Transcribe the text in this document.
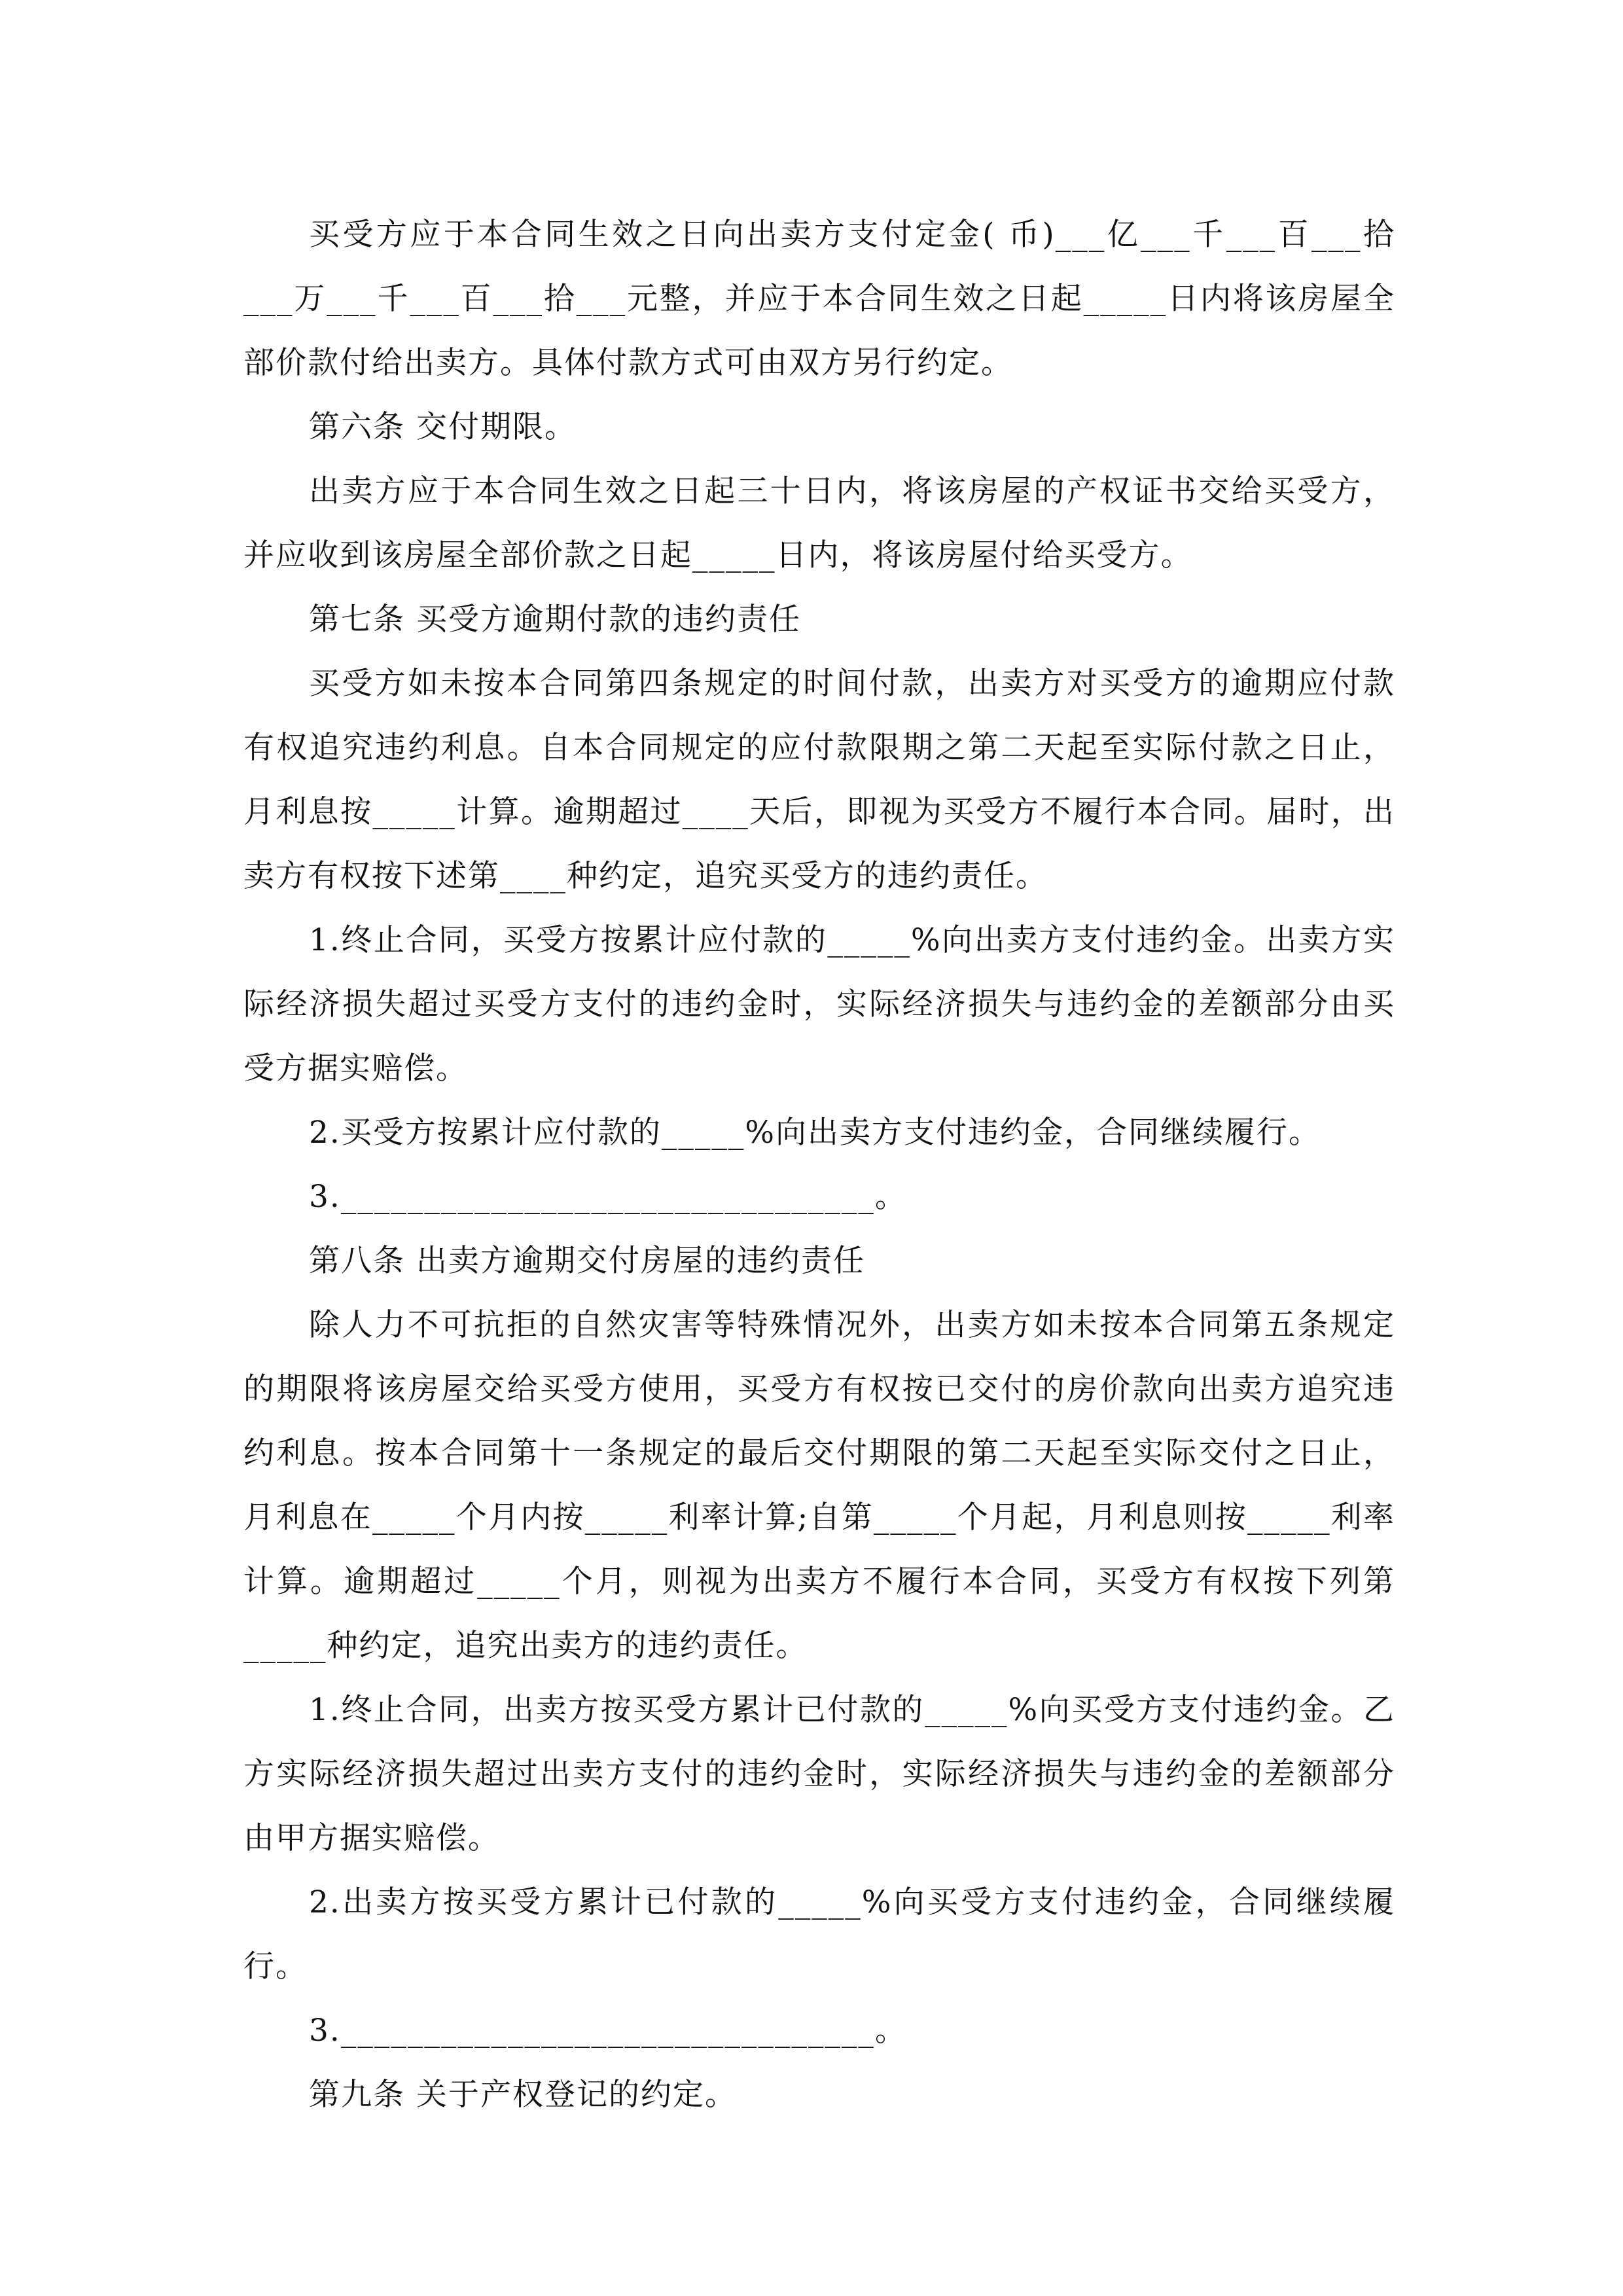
买受方应于本合同生效之日向出卖方支付定金( 币)___亿___千___百___拾___万___千___百___拾___元整，并应于本合同生效之日起_____日内将该房屋全部价款付给出卖方。具体付款方式可由双方另行约定。

第六条 交付期限。

出卖方应于本合同生效之日起三十日内，将该房屋的产权证书交给买受方，并应收到该房屋全部价款之日起_____日内，将该房屋付给买受方。

第七条 买受方逾期付款的违约责任

买受方如未按本合同第四条规定的时间付款，出卖方对买受方的逾期应付款有权追究违约利息。自本合同规定的应付款限期之第二天起至实际付款之日止，月利息按_____计算。逾期超过____天后，即视为买受方不履行本合同。届时，出卖方有权按下述第____种约定，追究买受方的违约责任。

1.终止合同，买受方按累计应付款的_____%向出卖方支付违约金。出卖方实际经济损失超过买受方支付的违约金时，实际经济损失与违约金的差额部分由买受方据实赔偿。

2.买受方按累计应付款的_____%向出卖方支付违约金，合同继续履行。

3.________________________________。

第八条 出卖方逾期交付房屋的违约责任

除人力不可抗拒的自然灾害等特殊情况外，出卖方如未按本合同第五条规定的期限将该房屋交给买受方使用，买受方有权按已交付的房价款向出卖方追究违约利息。按本合同第十一条规定的最后交付期限的第二天起至实际交付之日止，月利息在_____个月内按_____利率计算;自第_____个月起，月利息则按_____利率计算。逾期超过_____个月，则视为出卖方不履行本合同，买受方有权按下列第_____种约定，追究出卖方的违约责任。

1.终止合同，出卖方按买受方累计已付款的_____%向买受方支付违约金。乙方实际经济损失超过出卖方支付的违约金时，实际经济损失与违约金的差额部分由甲方据实赔偿。

2.出卖方按买受方累计已付款的_____%向买受方支付违约金，合同继续履行。

3.________________________________。

第九条 关于产权登记的约定。
